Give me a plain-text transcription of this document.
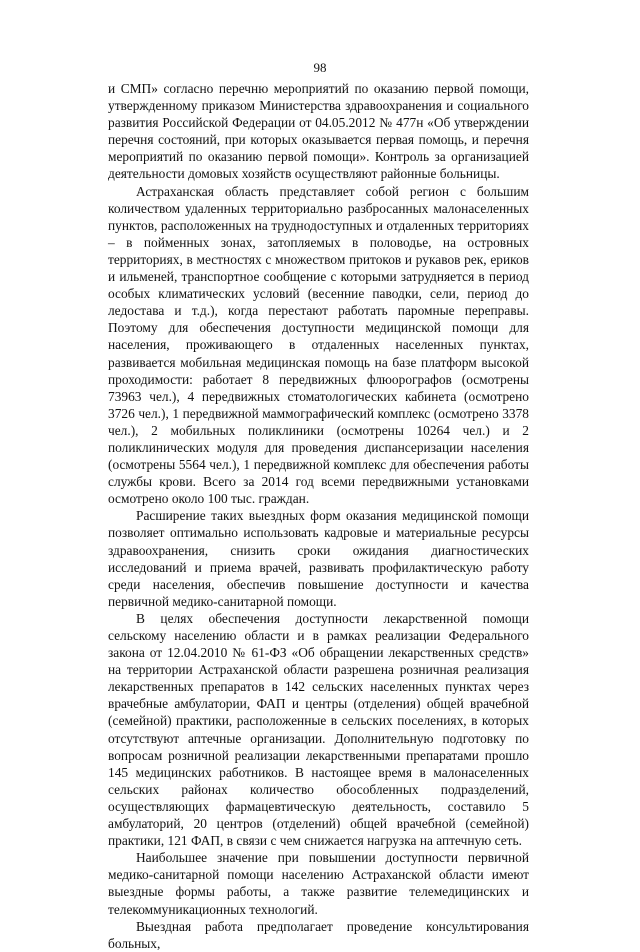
98

и СМП» согласно перечню мероприятий по оказанию первой помощи, утвержденному приказом Министерства здравоохранения и социального развития Российской Федерации от 04.05.2012 № 477н «Об утверждении перечня состояний, при которых оказывается первая помощь, и перечня мероприятий по оказанию первой помощи». Контроль за организацией деятельности домовых хозяйств осуществляют районные больницы.

Астраханская область представляет собой регион с большим количеством удаленных территориально разбросанных малонаселенных пунктов, расположенных на труднодоступных и отдаленных территориях – в пойменных зонах, затопляемых в половодье, на островных территориях, в местностях с множеством притоков и рукавов рек, ериков и ильменей, транспортное сообщение с которыми затрудняется в период особых климатических условий (весенние паводки, сели, период до ледостава и т.д.), когда перестают работать паромные переправы. Поэтому для обеспечения доступности медицинской помощи для населения, проживающего в отдаленных населенных пунктах, развивается мобильная медицинская помощь на базе платформ высокой проходимости: работает 8 передвижных флюорографов (осмотрены 73963 чел.), 4 передвижных стоматологических кабинета (осмотрено 3726 чел.), 1 передвижной маммографический комплекс (осмотрено 3378 чел.), 2 мобильных поликлиники (осмотрены 10264 чел.) и 2 поликлинических модуля для проведения диспансеризации населения (осмотрены 5564 чел.), 1 передвижной комплекс для обеспечения работы службы крови. Всего за 2014 год всеми передвижными установками осмотрено около 100 тыс. граждан.

Расширение таких выездных форм оказания медицинской помощи позволяет оптимально использовать кадровые и материальные ресурсы здравоохранения, снизить сроки ожидания диагностических исследований и приема врачей, развивать профилактическую работу среди населения, обеспечив повышение доступности и качества первичной медико-санитарной помощи.

В целях обеспечения доступности лекарственной помощи сельскому населению области и в рамках реализации Федерального закона от 12.04.2010 № 61-ФЗ «Об обращении лекарственных средств» на территории Астраханской области разрешена розничная реализация лекарственных препаратов в 142 сельских населенных пунктах через врачебные амбулатории, ФАП и центры (отделения) общей врачебной (семейной) практики, расположенные в сельских поселениях, в которых отсутствуют аптечные организации. Дополнительную подготовку по вопросам розничной реализации лекарственными препаратами прошло 145 медицинских работников. В настоящее время в малонаселенных сельских районах количество обособленных подразделений, осуществляющих фармацевтическую деятельность, составило 5 амбулаторий, 20 центров (отделений) общей врачебной (семейной) практики, 121 ФАП, в связи с чем снижается нагрузка на аптечную сеть.

Наибольшее значение при повышении доступности первичной медико-санитарной помощи населению Астраханской области имеют выездные формы работы, а также развитие телемедицинских и телекоммуникационных технологий.

Выездная работа предполагает проведение консультирования больных,
